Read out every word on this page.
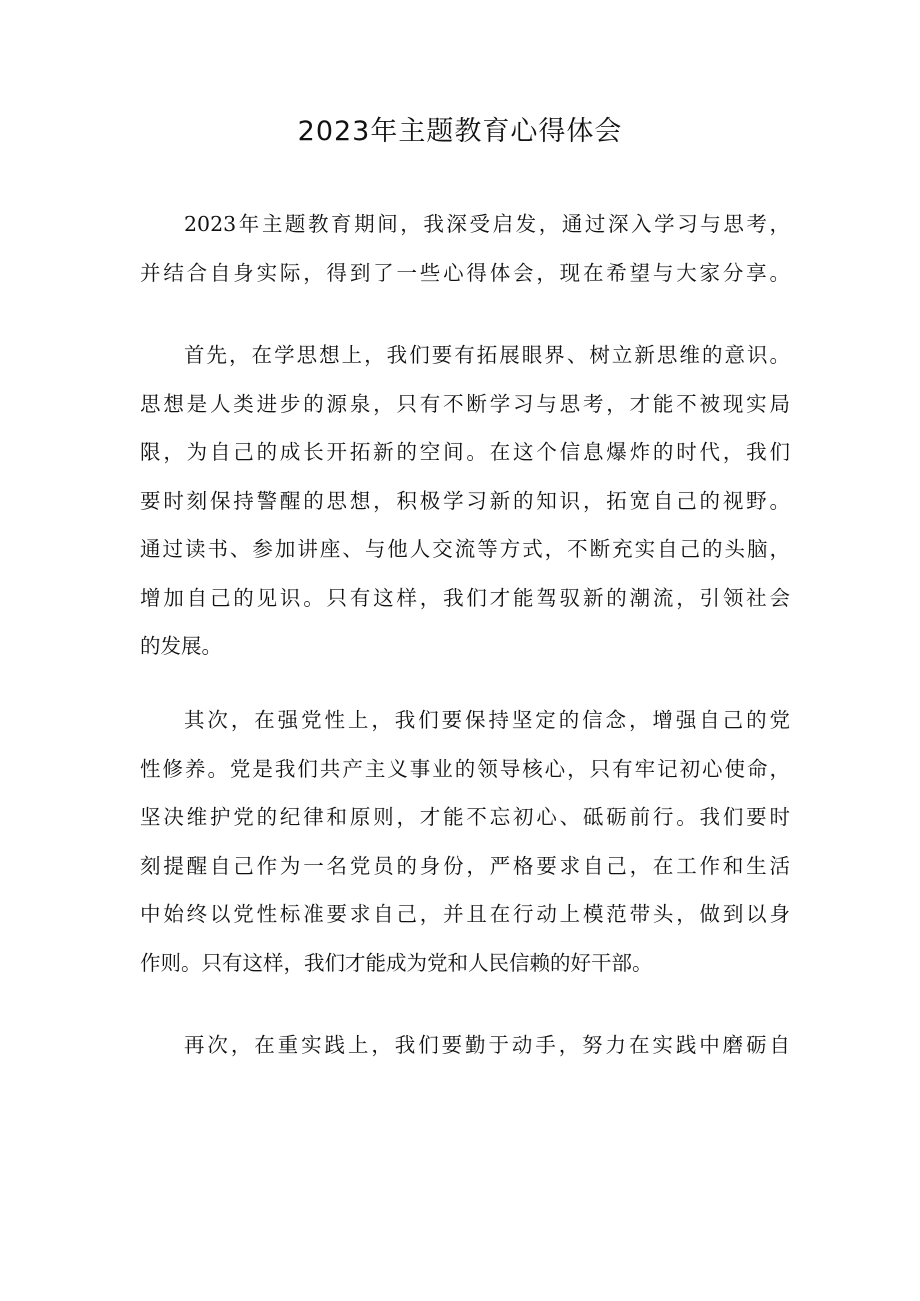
2023年主题教育心得体会
2023年主题教育期间，我深受启发，通过深入学习与思考，
并结合自身实际，得到了一些心得体会，现在希望与大家分享。
首先，在学思想上，我们要有拓展眼界、树立新思维的意识。
思想是人类进步的源泉，只有不断学习与思考，才能不被现实局
限，为自己的成长开拓新的空间。在这个信息爆炸的时代，我们
要时刻保持警醒的思想，积极学习新的知识，拓宽自己的视野。
通过读书、参加讲座、与他人交流等方式，不断充实自己的头脑，
增加自己的见识。只有这样，我们才能驾驭新的潮流，引领社会
的发展。
其次，在强党性上，我们要保持坚定的信念，增强自己的党
性修养。党是我们共产主义事业的领导核心，只有牢记初心使命，
坚决维护党的纪律和原则，才能不忘初心、砥砺前行。我们要时
刻提醒自己作为一名党员的身份，严格要求自己，在工作和生活
中始终以党性标准要求自己，并且在行动上模范带头，做到以身
作则。只有这样，我们才能成为党和人民信赖的好干部。
再次，在重实践上，我们要勤于动手，努力在实践中磨砺自
